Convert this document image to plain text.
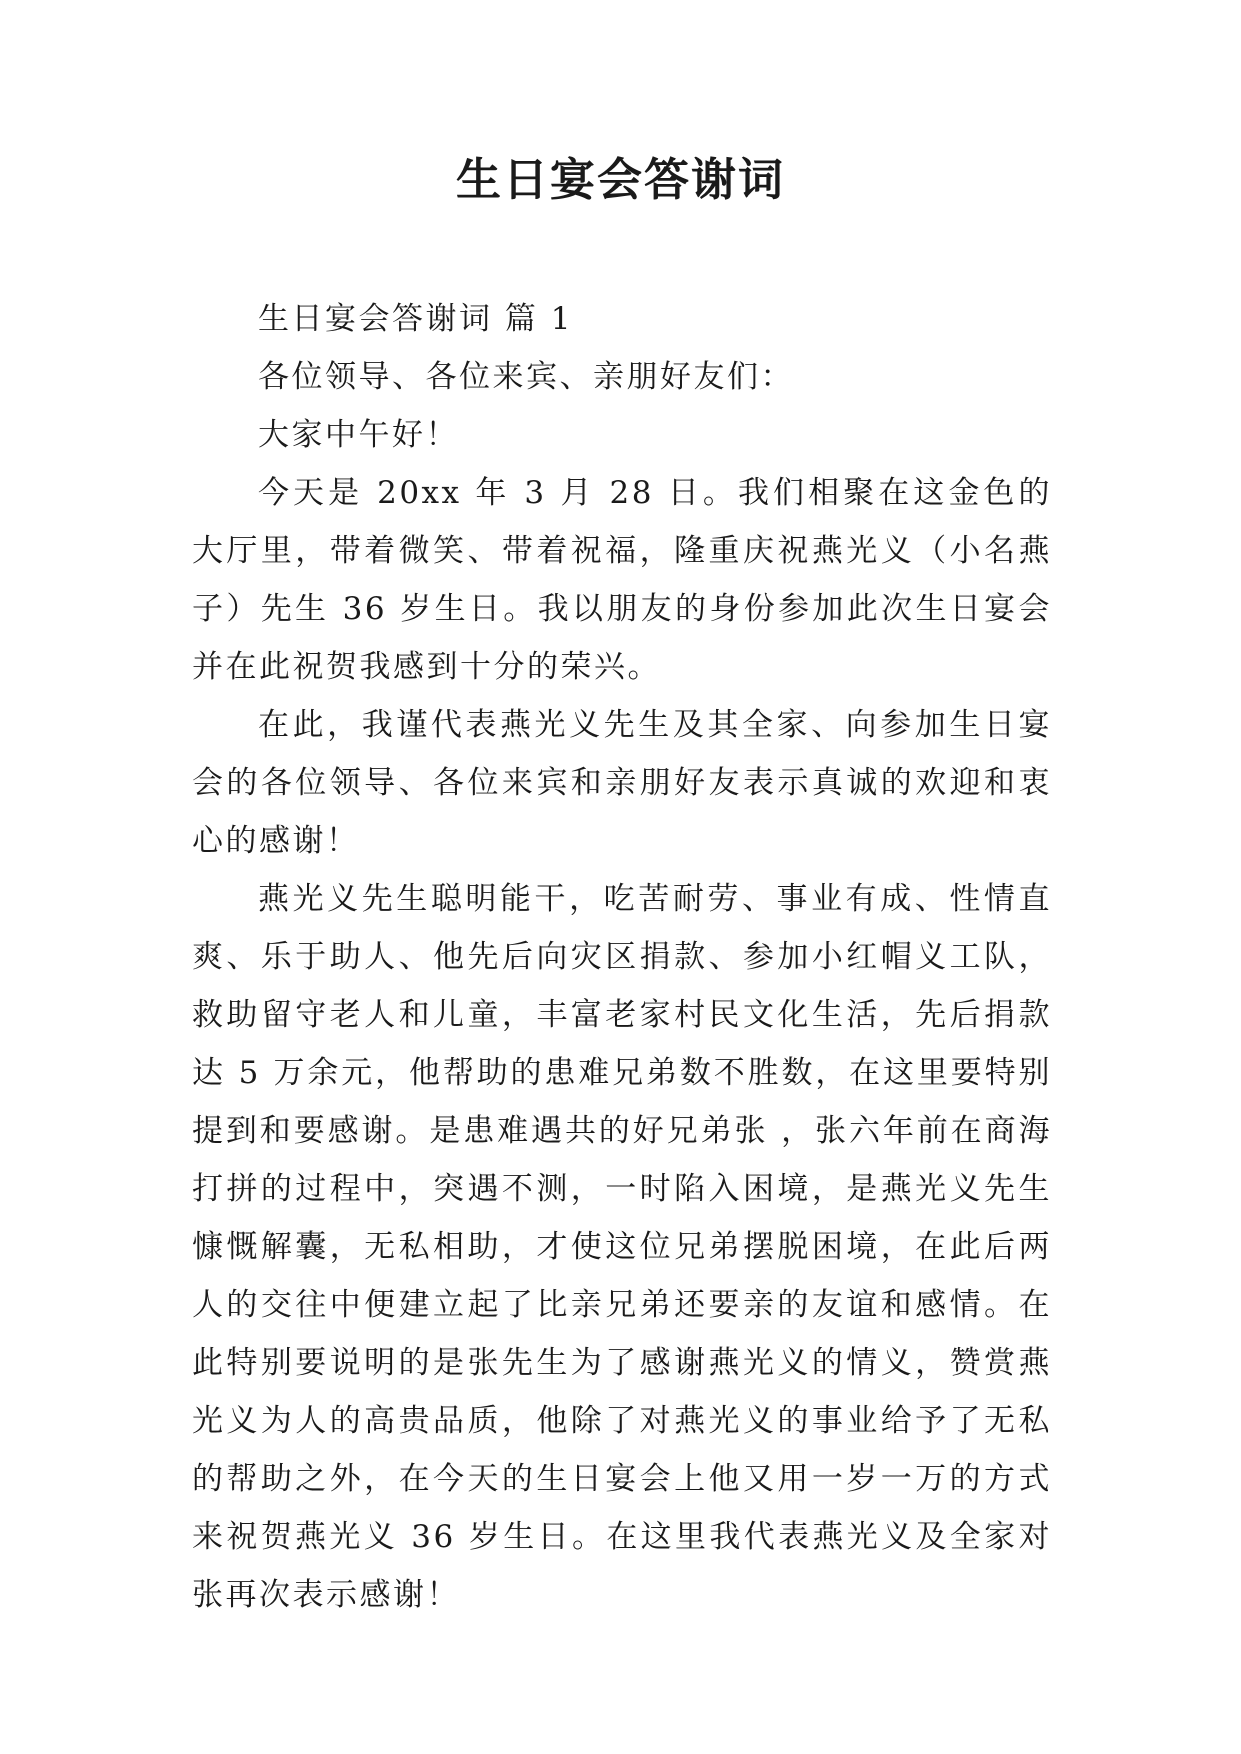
生日宴会答谢词

生日宴会答谢词 篇 1

各位领导、各位来宾、亲朋好友们：

大家中午好！

今天是 20xx 年 3 月 28 日。我们相聚在这金色的大厅里，带着微笑、带着祝福，隆重庆祝燕光义（小名燕子）先生 36 岁生日。我以朋友的身份参加此次生日宴会并在此祝贺我感到十分的荣兴。

在此，我谨代表燕光义先生及其全家、向参加生日宴会的各位领导、各位来宾和亲朋好友表示真诚的欢迎和衷心的感谢！

燕光义先生聪明能干，吃苦耐劳、事业有成、性情直爽、乐于助人、他先后向灾区捐款、参加小红帽义工队，救助留守老人和儿童，丰富老家村民文化生活，先后捐款达 5 万余元，他帮助的患难兄弟数不胜数，在这里要特别提到和要感谢。是患难遇共的好兄弟张 ，张六年前在商海打拼的过程中，突遇不测，一时陷入困境，是燕光义先生慷慨解囊，无私相助，才使这位兄弟摆脱困境，在此后两人的交往中便建立起了比亲兄弟还要亲的友谊和感情。在此特别要说明的是张先生为了感谢燕光义的情义，赞赏燕光义为人的高贵品质，他除了对燕光义的事业给予了无私的帮助之外，在今天的生日宴会上他又用一岁一万的方式来祝贺燕光义 36 岁生日。在这里我代表燕光义及全家对张再次表示感谢！
